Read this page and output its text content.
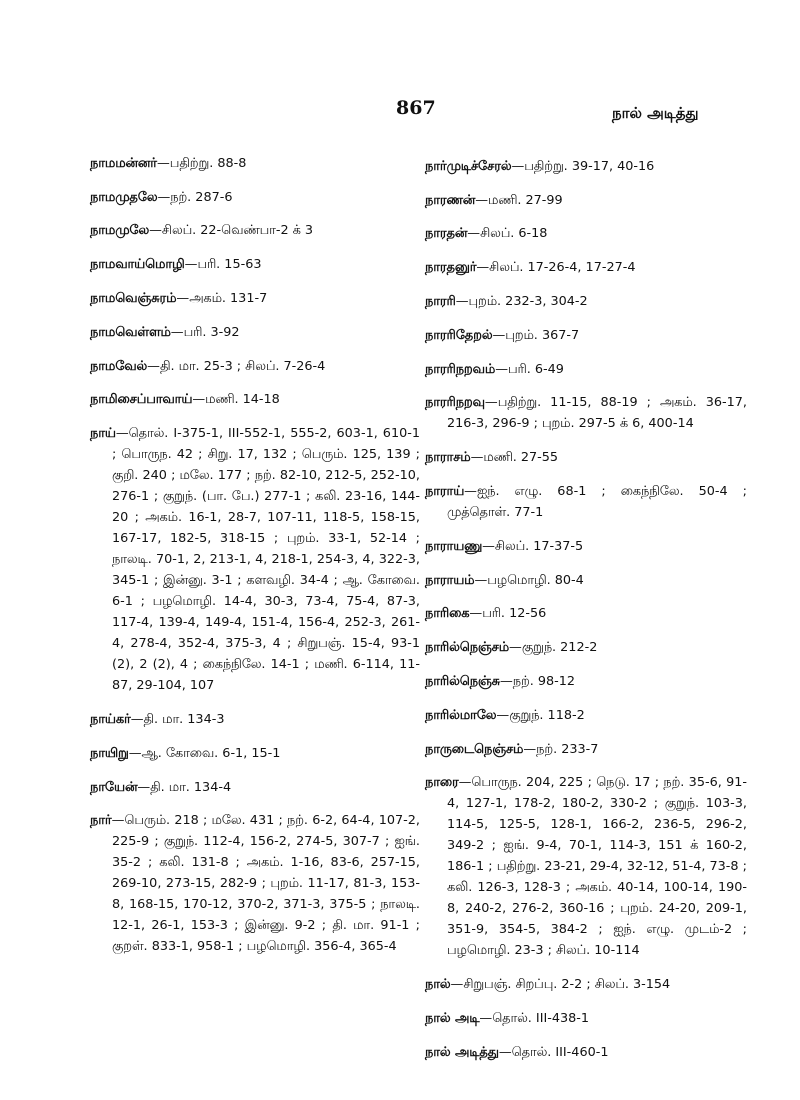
867	நால் அடித்து

நாமமன்னர்—பதிற்று. 88-8

நாமமுதலே—நற். 287-6

நாமமுலே—சிலப். 22-வெண்பா-2 க் 3

நாமவாய்மொழி—பரி. 15-63

நாமவெஞ்சுரம்—அகம். 131-7

நாமவெள்ளம்—பரி. 3-92

நாமவேல்—தி. மா. 25-3 ; சிலப். 7-26-4

நாமிசைப்பாவாய்—மணி. 14-18

நாய்—தொல். I-375-1, III-552-1, 555-2, 603-1, 610-1 ; பொருந. 42 ; சிறு. 17, 132 ; பெரும். 125, 139 ; குறி. 240 ; மலே. 177 ; நற். 82-10, 212-5, 252-10, 276-1 ; குறுந். (பா. பே.) 277-1 ; கலி. 23-16, 144-20 ; அகம். 16-1, 28-7, 107-11, 118-5, 158-15, 167-17, 182-5, 318-15 ; புறம். 33-1, 52-14 ; நாலடி. 70-1, 2, 213-1, 4, 218-1, 254-3, 4, 322-3, 345-1 ; இன்னு. 3-1 ; களவழி. 34-4 ; ஆ. கோவை. 6-1 ; பழமொழி. 14-4, 30-3, 73-4, 75-4, 87-3, 117-4, 139-4, 149-4, 151-4, 156-4, 252-3, 261-4, 278-4, 352-4, 375-3, 4 ; சிறுபஞ். 15-4, 93-1 (2), 2 (2), 4 ; கைந்நிலே. 14-1 ; மணி. 6-114, 11-87, 29-104, 107

நாய்கர்—தி. மா. 134-3

நாயிறு—ஆ. கோவை. 6-1, 15-1

நாயேன்—தி. மா. 134-4

நார்—பெரும். 218 ; மலே. 431 ; நற். 6-2, 64-4, 107-2, 225-9 ; குறுந். 112-4, 156-2, 274-5, 307-7 ; ஐங். 35-2 ; கலி. 131-8 ; அகம். 1-16, 83-6, 257-15, 269-10, 273-15, 282-9 ; புறம். 11-17, 81-3, 153-8, 168-15, 170-12, 370-2, 371-3, 375-5 ; நாலடி. 12-1, 26-1, 153-3 ; இன்னு. 9-2 ; தி. மா. 91-1 ; குறள். 833-1, 958-1 ; பழமொழி. 356-4, 365-4

நார்முடிச்சேரல்—பதிற்று. 39-17, 40-16

நாரணன்—மணி. 27-99

நாரதன்—சிலப். 6-18

நாரதனுர்—சிலப். 17-26-4, 17-27-4

நாரரி—புறம். 232-3, 304-2

நாரரிதேறல்—புறம். 367-7

நாரரிநறவம்—பரி. 6-49

நாரரிநறவு—பதிற்று. 11-15, 88-19 ; அகம். 36-17, 216-3, 296-9 ; புறம். 297-5 க் 6, 400-14

நாராசம்—மணி. 27-55

நாராய்—ஐந். எழு. 68-1 ; கைந்நிலே. 50-4 ; முத்தொள். 77-1

நாராயணு—சிலப். 17-37-5

நாராயம்—பழமொழி. 80-4

நாரிகை—பரி. 12-56

நாரில்நெஞ்சம்—குறுந். 212-2

நாரில்நெஞ்சு—நற். 98-12

நாரில்மாலே—குறுந். 118-2

நாருடைநெஞ்சம்—நற். 233-7

நாரை—பொருந. 204, 225 ; நெடு. 17 ; நற். 35-6, 91-4, 127-1, 178-2, 180-2, 330-2 ; குறுந். 103-3, 114-5, 125-5, 128-1, 166-2, 236-5, 296-2, 349-2 ; ஐங். 9-4, 70-1, 114-3, 151 க் 160-2, 186-1 ; பதிற்று. 23-21, 29-4, 32-12, 51-4, 73-8 ; கலி. 126-3, 128-3 ; அகம். 40-14, 100-14, 190-8, 240-2, 276-2, 360-16 ; புறம். 24-20, 209-1, 351-9, 354-5, 384-2 ; ஐந். எழு. முடம்-2 ; பழமொழி. 23-3 ; சிலப். 10-114

நால்—சிறுபஞ். சிறப்பு. 2-2 ; சிலப். 3-154

நால் அடி—தொல். III-438-1

நால் அடித்து—தொல். III-460-1
